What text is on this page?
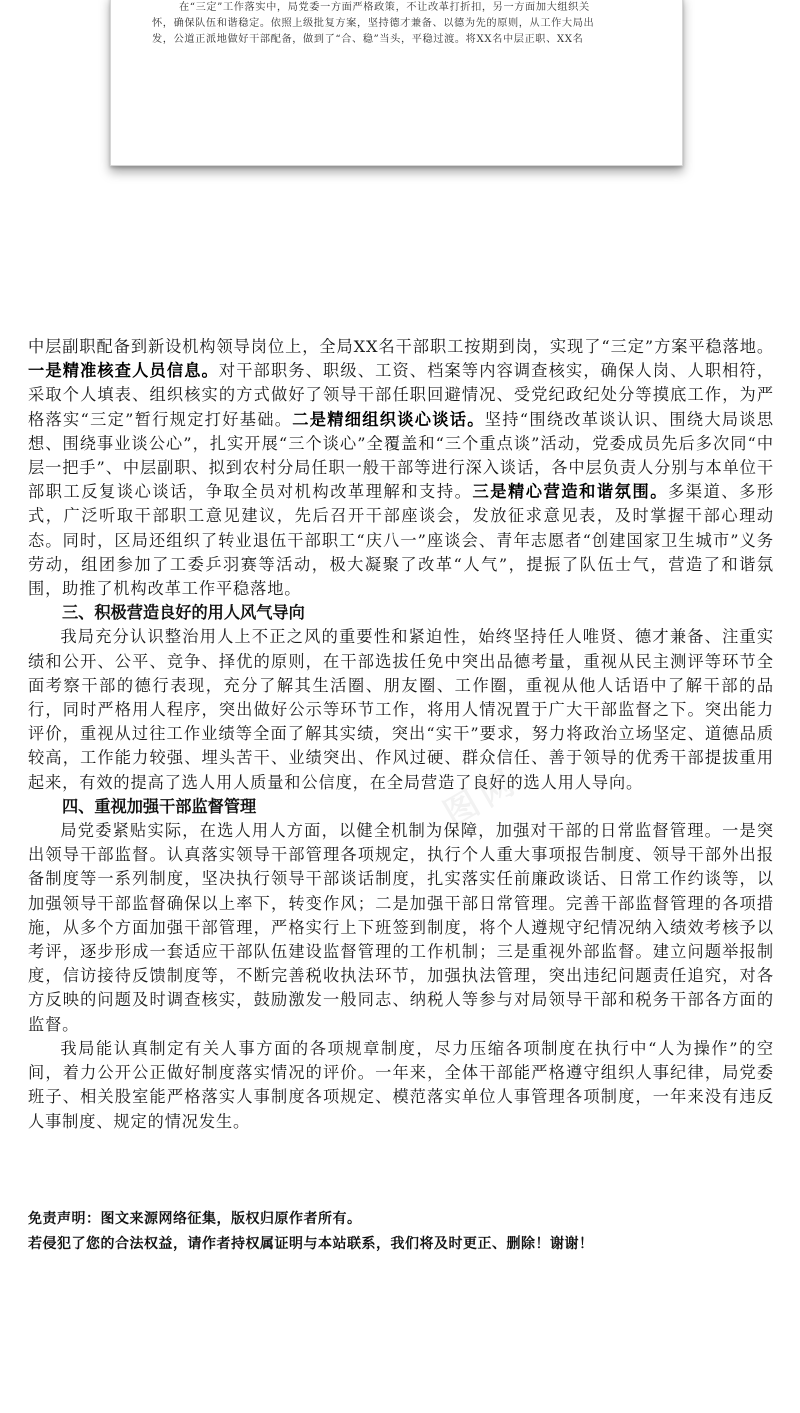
在“三定”工作落实中，局党委一方面严格政策，不让改革打折扣，另一方面加大组织关
怀，确保队伍和谐稳定。依照上级批复方案，坚持德才兼备、以德为先的原则，从工作大局出
发，公道正派地做好干部配备，做到了“合、稳”当头，平稳过渡。将XX名中层正职、XX名
图网

中层副职配备到新设机构领导岗位上，全局XX名干部职工按期到岗，实现了“三定”方案平稳落地。一是精准核查人员信息。对干部职务、职级、工资、档案等内容调查核实，确保人岗、人职相符，采取个人填表、组织核实的方式做好了领导干部任职回避情况、受党纪政纪处分等摸底工作，为严格落实“三定”暂行规定打好基础。二是精细组织谈心谈话。坚持“围绕改革谈认识、围绕大局谈思想、围绕事业谈公心”，扎实开展“三个谈心”全覆盖和“三个重点谈”活动，党委成员先后多次同“中层一把手”、中层副职、拟到农村分局任职一般干部等进行深入谈话，各中层负责人分别与本单位干部职工反复谈心谈话，争取全员对机构改革理解和支持。三是精心营造和谐氛围。多渠道、多形式，广泛听取干部职工意见建议，先后召开干部座谈会，发放征求意见表，及时掌握干部心理动态。同时，区局还组织了转业退伍干部职工“庆八一”座谈会、青年志愿者“创建国家卫生城市”义务劳动，组团参加了工委乒羽赛等活动，极大凝聚了改革“人气”，提振了队伍士气，营造了和谐氛围，助推了机构改革工作平稳落地。

三、积极营造良好的用人风气导向

我局充分认识整治用人上不正之风的重要性和紧迫性，始终坚持任人唯贤、德才兼备、注重实绩和公开、公平、竞争、择优的原则，在干部选拔任免中突出品德考量，重视从民主测评等环节全面考察干部的德行表现，充分了解其生活圈、朋友圈、工作圈，重视从他人话语中了解干部的品行，同时严格用人程序，突出做好公示等环节工作，将用人情况置于广大干部监督之下。突出能力评价，重视从过往工作业绩等全面了解其实绩，突出“实干”要求，努力将政治立场坚定、道德品质较高，工作能力较强、埋头苦干、业绩突出、作风过硬、群众信任、善于领导的优秀干部提拔重用起来，有效的提高了选人用人质量和公信度，在全局营造了良好的选人用人导向。

四、重视加强干部监督管理

局党委紧贴实际，在选人用人方面，以健全机制为保障，加强对干部的日常监督管理。一是突出领导干部监督。认真落实领导干部管理各项规定，执行个人重大事项报告制度、领导干部外出报备制度等一系列制度，坚决执行领导干部谈话制度，扎实落实任前廉政谈话、日常工作约谈等，以加强领导干部监督确保以上率下，转变作风；二是加强干部日常管理。完善干部监督管理的各项措施，从多个方面加强干部管理，严格实行上下班签到制度，将个人遵规守纪情况纳入绩效考核予以考评，逐步形成一套适应干部队伍建设监督管理的工作机制；三是重视外部监督。建立问题举报制度，信访接待反馈制度等，不断完善税收执法环节，加强执法管理，突出违纪问题责任追究，对各方反映的问题及时调查核实，鼓励激发一般同志、纳税人等参与对局领导干部和税务干部各方面的监督。

我局能认真制定有关人事方面的各项规章制度，尽力压缩各项制度在执行中“人为操作”的空间，着力公开公正做好制度落实情况的评价。一年来，全体干部能严格遵守组织人事纪律，局党委班子、相关股室能严格落实人事制度各项规定、模范落实单位人事管理各项制度，一年来没有违反人事制度、规定的情况发生。

免责声明：图文来源网络征集，版权归原作者所有。

若侵犯了您的合法权益，请作者持权属证明与本站联系，我们将及时更正、删除！谢谢！
